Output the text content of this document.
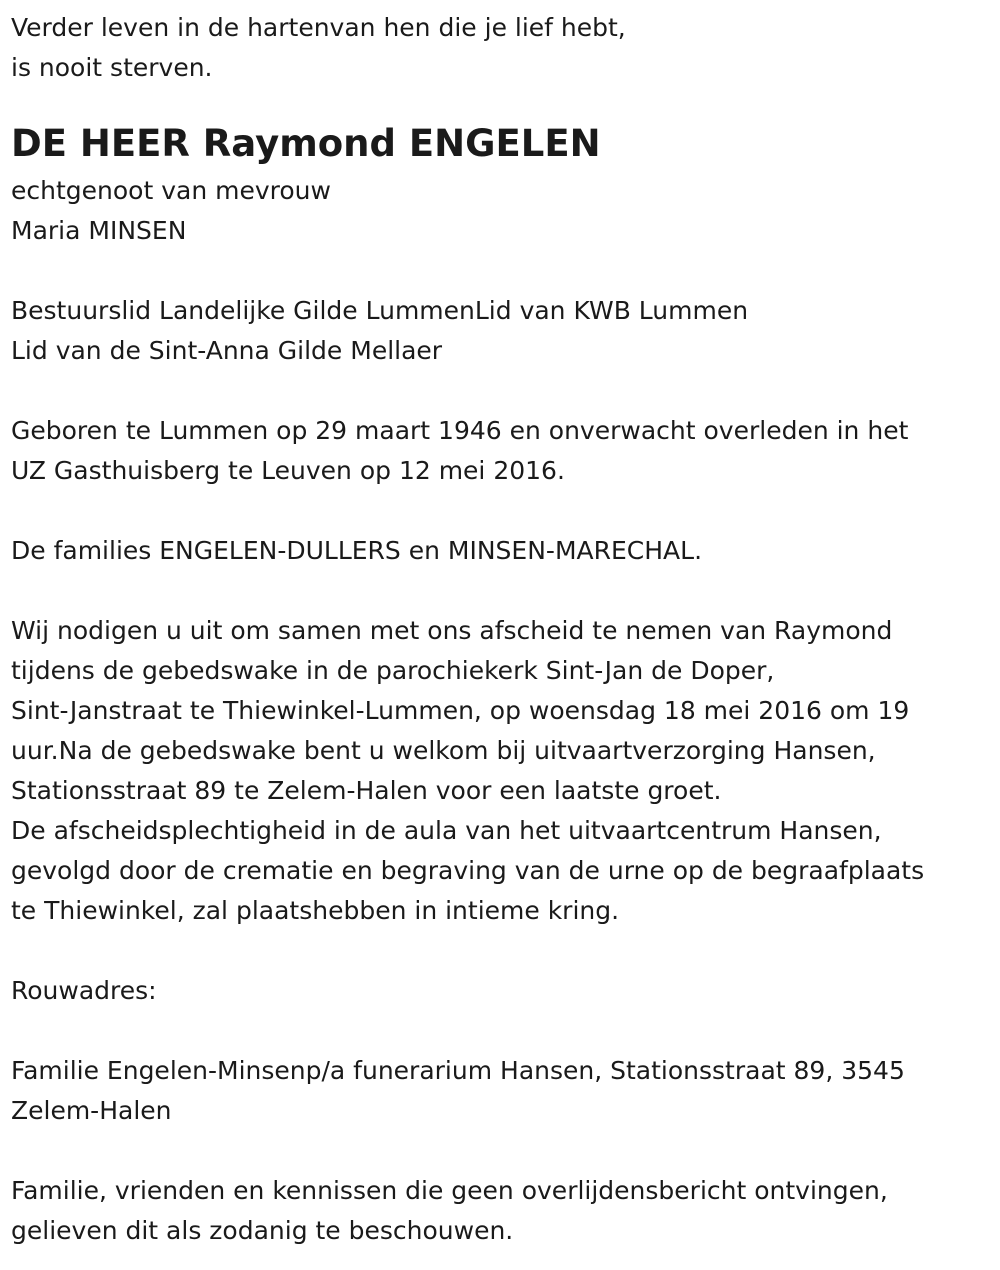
Verder leven in de hartenvan hen die je lief hebt,
is nooit sterven.
DE HEER Raymond ENGELEN
echtgenoot van mevrouw
Maria MINSEN
Bestuurslid Landelijke Gilde LummenLid van KWB Lummen
Lid van de Sint-Anna Gilde Mellaer
Geboren te Lummen op 29 maart 1946 en onverwacht overleden in het
UZ Gasthuisberg te Leuven op 12 mei 2016.
De families ENGELEN-DULLERS en MINSEN-MARECHAL.
Wij nodigen u uit om samen met ons afscheid te nemen van Raymond
tijdens de gebedswake in de parochiekerk Sint-Jan de Doper,
Sint-Janstraat te Thiewinkel-Lummen, op woensdag 18 mei 2016 om 19
uur.Na de gebedswake bent u welkom bij uitvaartverzorging Hansen,
Stationsstraat 89 te Zelem-Halen voor een laatste groet.
De afscheidsplechtigheid in de aula van het uitvaartcentrum Hansen,
gevolgd door de crematie en begraving van de urne op de begraafplaats
te Thiewinkel, zal plaatshebben in intieme kring.
Rouwadres:
Familie Engelen-Minsenp/a funerarium Hansen, Stationsstraat 89, 3545
Zelem-Halen
Familie, vrienden en kennissen die geen overlijdensbericht ontvingen,
gelieven dit als zodanig te beschouwen.
